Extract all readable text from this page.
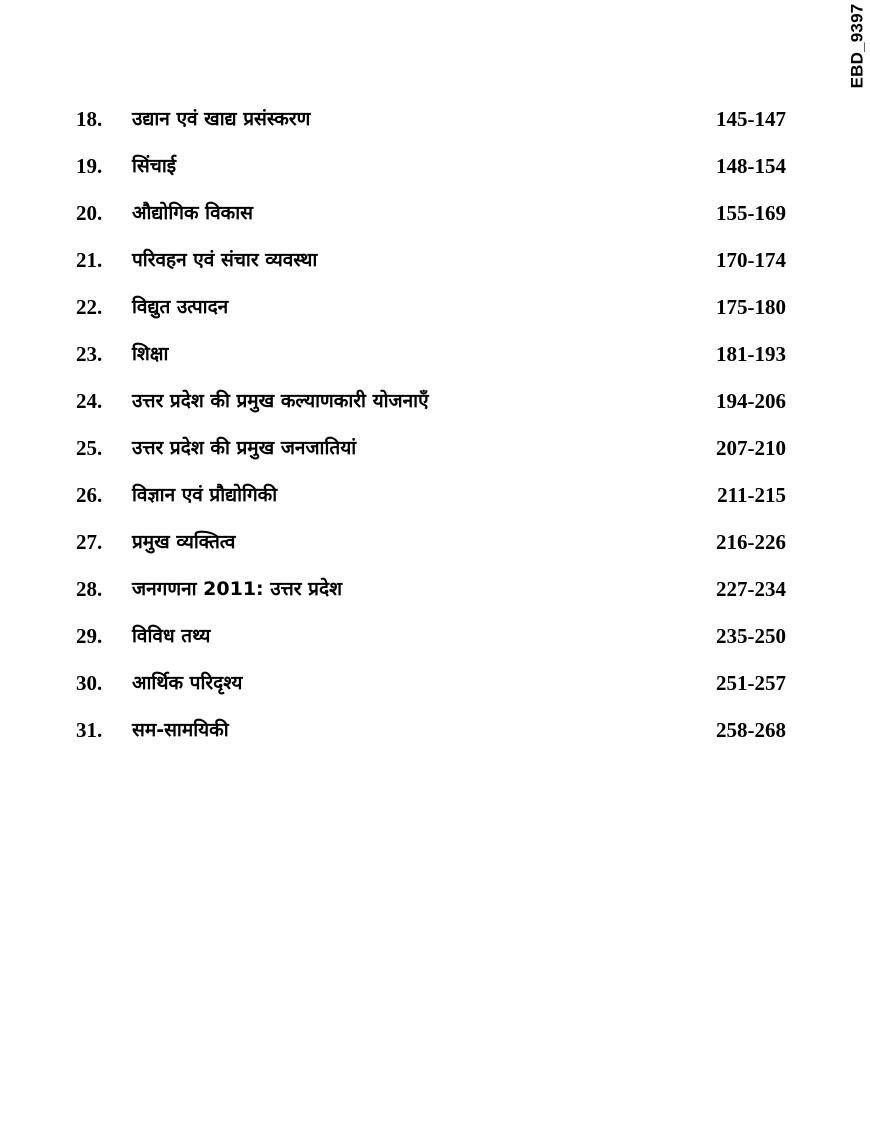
EBD_9397
18. उद्यान एवं खाद्य प्रसंस्करण	145-147
19. सिंचाई	148-154
20. औद्योगिक विकास	155-169
21. परिवहन एवं संचार व्यवस्था	170-174
22. विद्युत उत्पादन	175-180
23. शिक्षा	181-193
24. उत्तर प्रदेश की प्रमुख कल्याणकारी योजनाएँ	194-206
25. उत्तर प्रदेश की प्रमुख जनजातियां	207-210
26. विज्ञान एवं प्रौद्योगिकी	211-215
27. प्रमुख व्यक्तित्व	216-226
28. जनगणना 2011: उत्तर प्रदेश	227-234
29. विविध तथ्य	235-250
30. आर्थिक परिदृश्य	251-257
31. सम-सामयिकी	258-268
